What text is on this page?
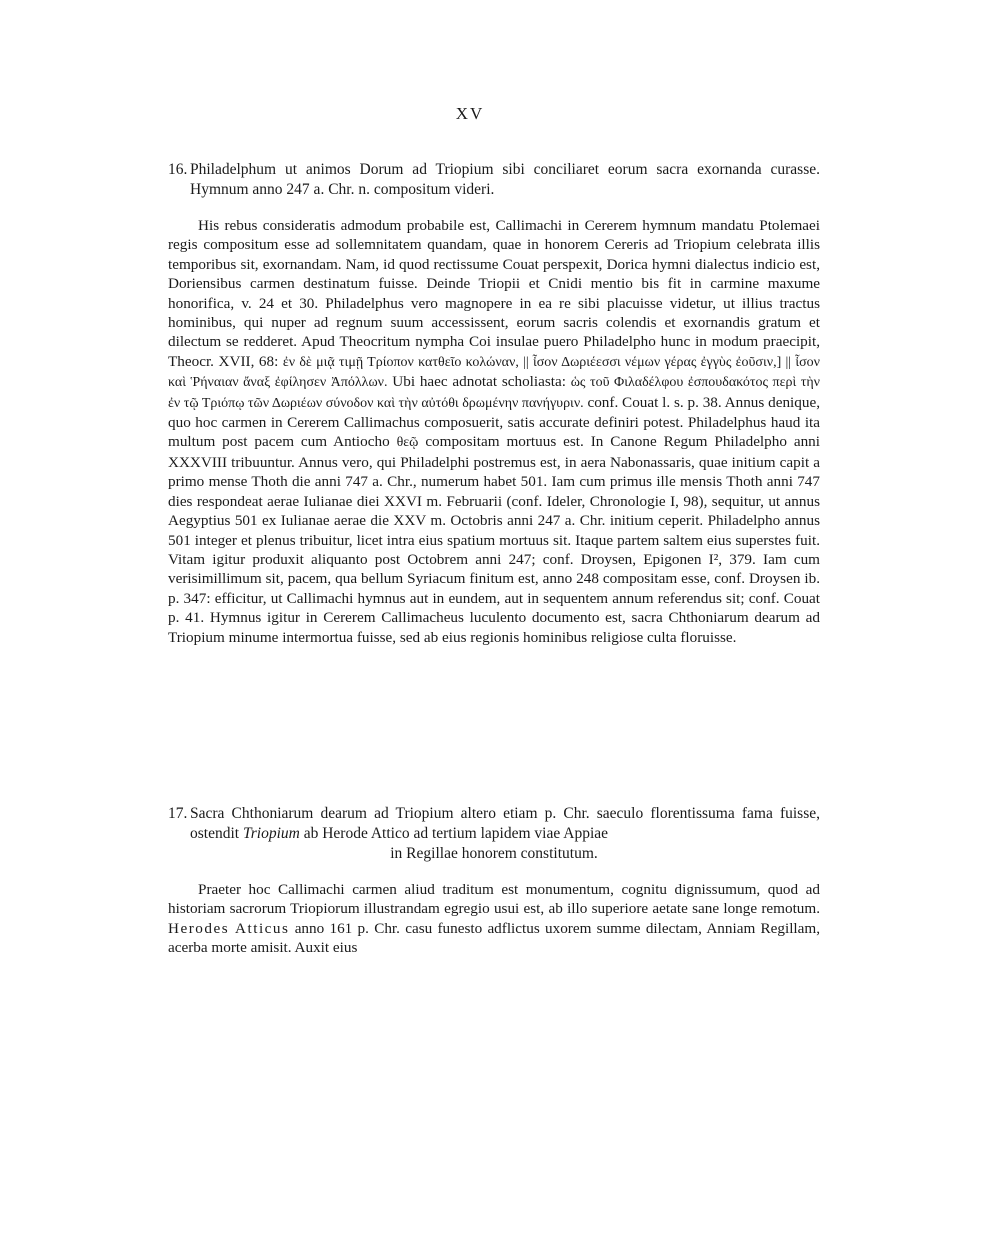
XV
16. Philadelphum ut animos Dorum ad Triopium sibi conciliaret eorum sacra exornanda curasse. Hymnum anno 247 a. Chr. n. compositum videri.
His rebus consideratis admodum probabile est, Callimachi in Cererem hymnum mandatu Ptolemaei regis compositum esse ad sollemnitatem quandam, quae in honorem Cereris ad Triopium celebrata illis temporibus sit, exornandam. Nam, id quod rectissume Couat perspexit, Dorica hymni dialectus indicio est, Doriensibus carmen destinatum fuisse. Deinde Triopii et Cnidi mentio bis fit in carmine maxume honorifica, v. 24 et 30. Philadelphus vero magnopere in ea re sibi placuisse videtur, ut illius tractus hominibus, qui nuper ad regnum suum accessissent, eorum sacris colendis et exornandis gratum et dilectum se redderet. Apud Theocritum nympha Coi insulae puero Philadelpho hunc in modum praecipit, Theocr. XVII, 68: ἐν δὲ μιᾷ τιμῇ Τρίοπον κατθεῖο κολώναν, || ἶσον Δωριέεσσι νέμων γέρας ἐγγὺς ἐοῦσιν,] || ἶσον καὶ Ῥήναιαν ἄναξ ἐφίλησεν Ἀπόλλων. Ubi haec adnotat scholiasta: ὡς τοῦ Φιλαδέλφου ἐσπουδακότος περὶ τὴν ἐν τῷ Τριόπῳ τῶν Δωριέων σύνοδον καὶ τὴν αὐτόθι δρωμένην πανήγυριν. conf. Couat l. s. p. 38. Annus denique, quo hoc carmen in Cererem Callimachus composuerit, satis accurate definiri potest. Philadelphus haud ita multum post pacem cum Antiocho θεῷ compositam mortuus est. In Canone Regum Philadelpho anni XXXVIII tribuuntur. Annus vero, qui Philadelphi postremus est, in aera Nabonassaris, quae initium capit a primo mense Thoth die anni 747 a. Chr., numerum habet 501. Iam cum primus ille mensis Thoth anni 747 dies respondeat aerae Iulianae diei XXVI m. Februarii (conf. Ideler, Chronologie I, 98), sequitur, ut annus Aegyptius 501 ex Iulianae aerae die XXV m. Octobris anni 247 a. Chr. initium ceperit. Philadelpho annus 501 integer et plenus tribuitur, licet intra eius spatium mortuus sit. Itaque partem saltem eius superstes fuit. Vitam igitur produxit aliquanto post Octobrem anni 247; conf. Droysen, Epigonen I², 379. Iam cum verisimillimum sit, pacem, qua bellum Syriacum finitum est, anno 248 compositam esse, conf. Droysen ib. p. 347: efficitur, ut Callimachi hymnus aut in eundem, aut in sequentem annum referendus sit; conf. Couat p. 41. Hymnus igitur in Cererem Callimacheus luculento documento est, sacra Chthoniarum dearum ad Triopium minume intermortua fuisse, sed ab eius regionis hominibus religiose culta floruisse.
17. Sacra Chthoniarum dearum ad Triopium altero etiam p. Chr. saeculo florentissuma fama fuisse, ostendit Triopium ab Herode Attico ad tertium lapidem viae Appiae
in Regillae honorem constitutum.
Praeter hoc Callimachi carmen aliud traditum est monumentum, cognitu dignissumum, quod ad historiam sacrorum Triopiorum illustrandam egregio usui est, ab illo superiore aetate sane longe remotum. Herodes Atticus anno 161 p. Chr. casu funesto adflictus uxorem summe dilectam, Anniam Regillam, acerba morte amisit. Auxit eius
